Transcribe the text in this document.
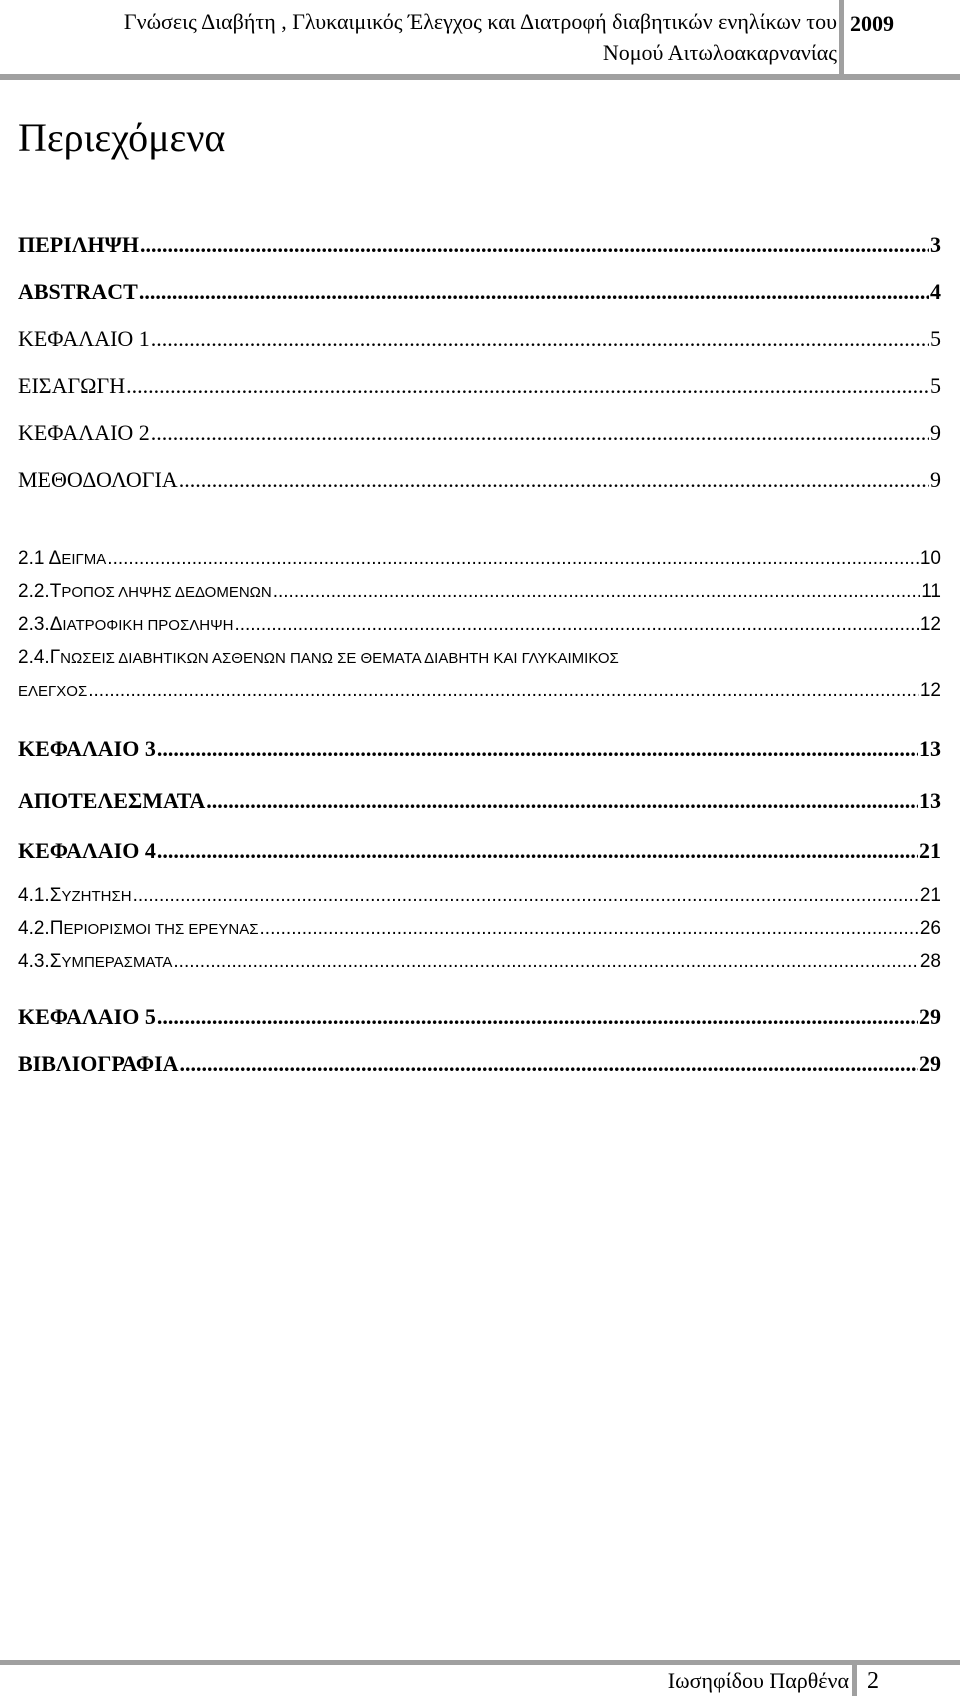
Γνώσεις Διαβήτη , Γλυκαιμικός Έλεγχος και Διατροφή διαβητικών ενηλίκων του
Νομού Αιτωλοακαρνανίας
2009
Περιεχόμενα
ΠΕΡΙΛΗΨΗ .....	3
ABSTRACT .....	4
ΚΕΦΑΛΑΙΟ 1 .....	5
ΕΙΣΑΓΩΓΗ .....	5
ΚΕΦΑΛΑΙΟ 2 .....	9
ΜΕΘΟΔΟΛΟΓΙΑ .....	9
2.1 ΔΕΙΓΜΑ .....	10
2.2.ΤΡΟΠΟΣ ΛΗΨΗΣ ΔΕΔΟΜΕΝΩΝ .....	11
2.3.ΔΙΑΤΡΟΦΙΚΗ ΠΡΟΣΛΗΨΗ .....	12
2.4.ΓΝΩΣΕΙΣ ΔΙΑΒΗΤΙΚΩΝ ΑΣΘΕΝΩΝ ΠΑΝΩ ΣΕ ΘΕΜΑΤΑ ΔΙΑΒΗΤΗ ΚΑΙ ΓΛΥΚΑΙΜΙΚΟΣ
ΕΛΕΓΧΟΣ .....	12
ΚΕΦΑΛΑΙΟ 3 .....	13
ΑΠΟΤΕΛΕΣΜΑΤΑ .....	13
ΚΕΦΑΛΑΙΟ 4 .....	21
4.1.ΣΥΖΗΤΗΣΗ .....	21
4.2.ΠΕΡΙΟΡΙΣΜΟΙ ΤΗΣ ΕΡΕΥΝΑΣ .....	26
4.3.ΣΥΜΠΕΡΑΣΜΑΤΑ .....	28
ΚΕΦΑΛΑΙΟ 5 .....	29
ΒΙΒΛΙΟΓΡΑΦΙΑ .....	29
Ιωσηφίδου Παρθένα 2
